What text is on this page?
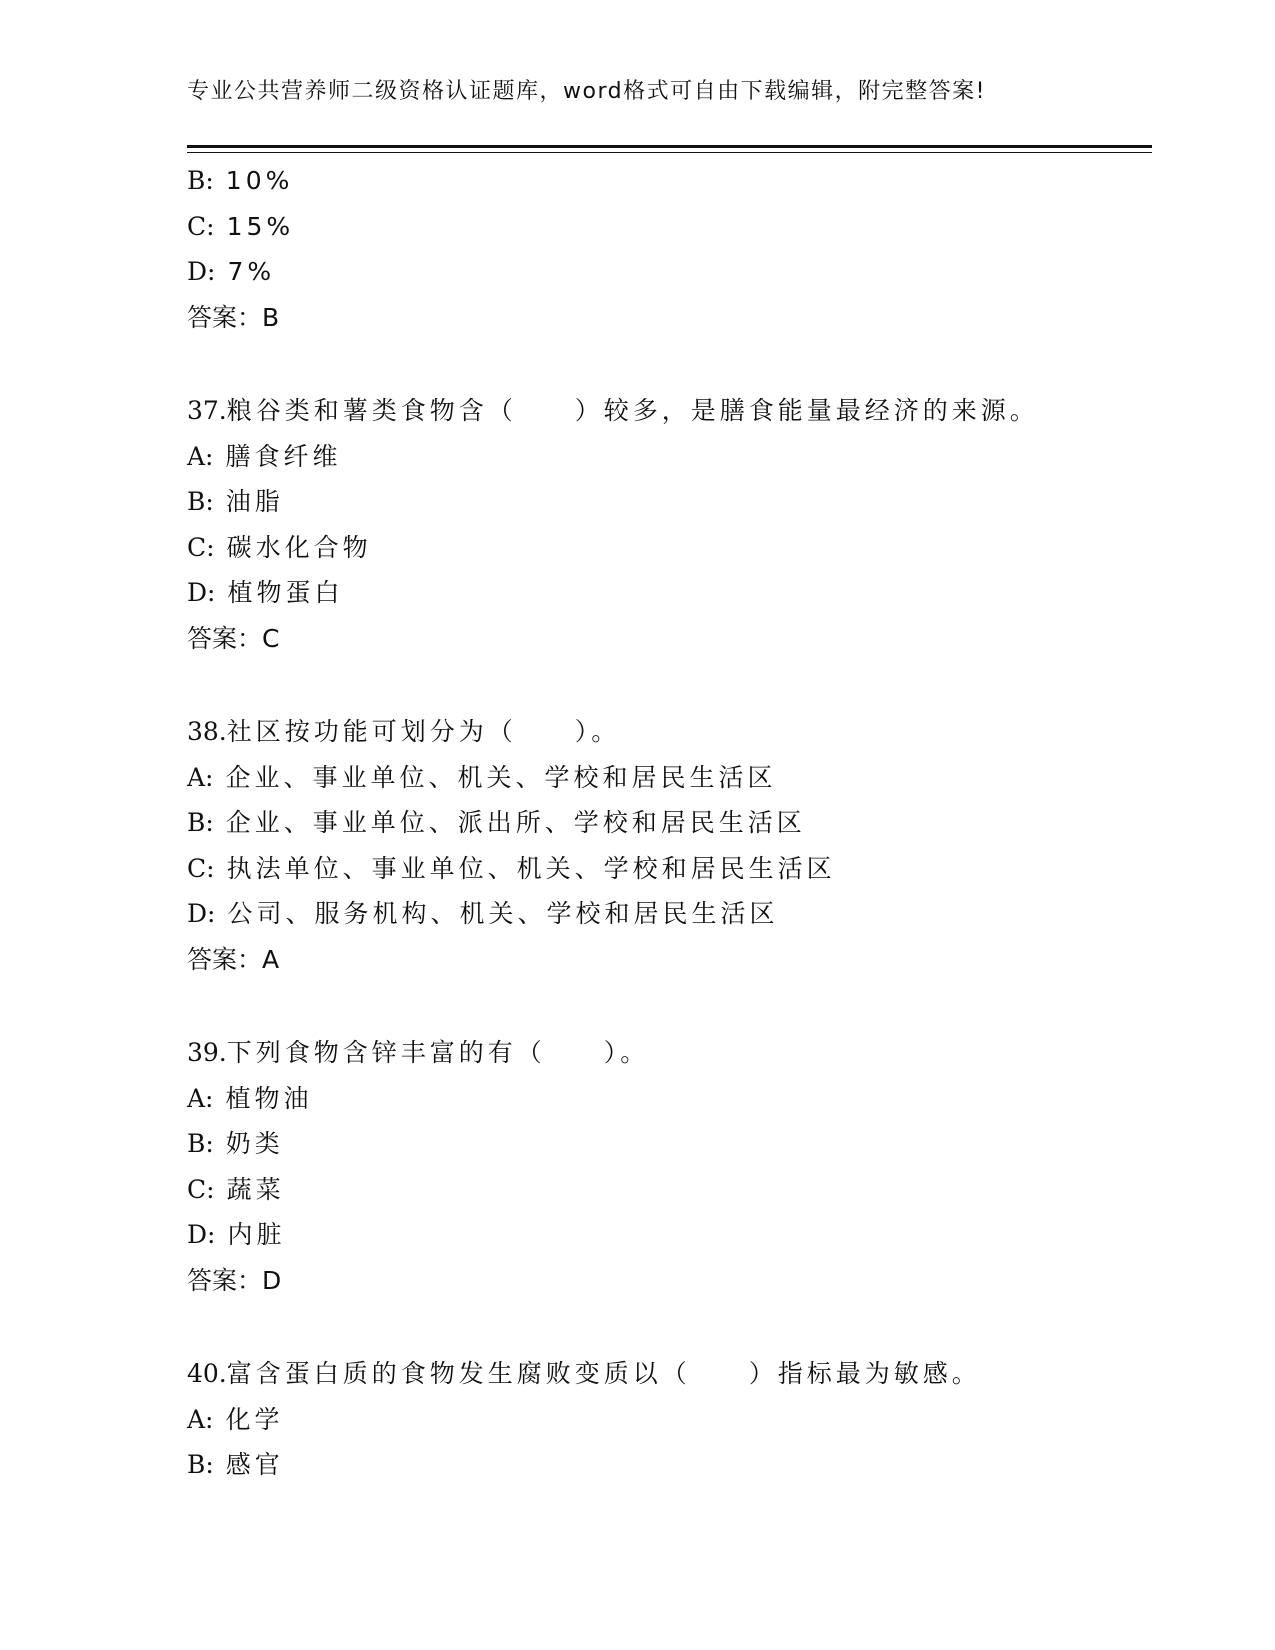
专业公共营养师二级资格认证题库，word格式可自由下载编辑，附完整答案!
B: 10%
C: 15%
D: 7%
答案：B
37.粮谷类和薯类食物含（　　）较多，是膳食能量最经济的来源。
A: 膳食纤维
B: 油脂
C: 碳水化合物
D: 植物蛋白
答案：C
38.社区按功能可划分为（　　）。
A: 企业、事业单位、机关、学校和居民生活区
B: 企业、事业单位、派出所、学校和居民生活区
C: 执法单位、事业单位、机关、学校和居民生活区
D: 公司、服务机构、机关、学校和居民生活区
答案：A
39.下列食物含锌丰富的有（　　）。
A: 植物油
B: 奶类
C: 蔬菜
D: 内脏
答案：D
40.富含蛋白质的食物发生腐败变质以（　　）指标最为敏感。
A: 化学
B: 感官
